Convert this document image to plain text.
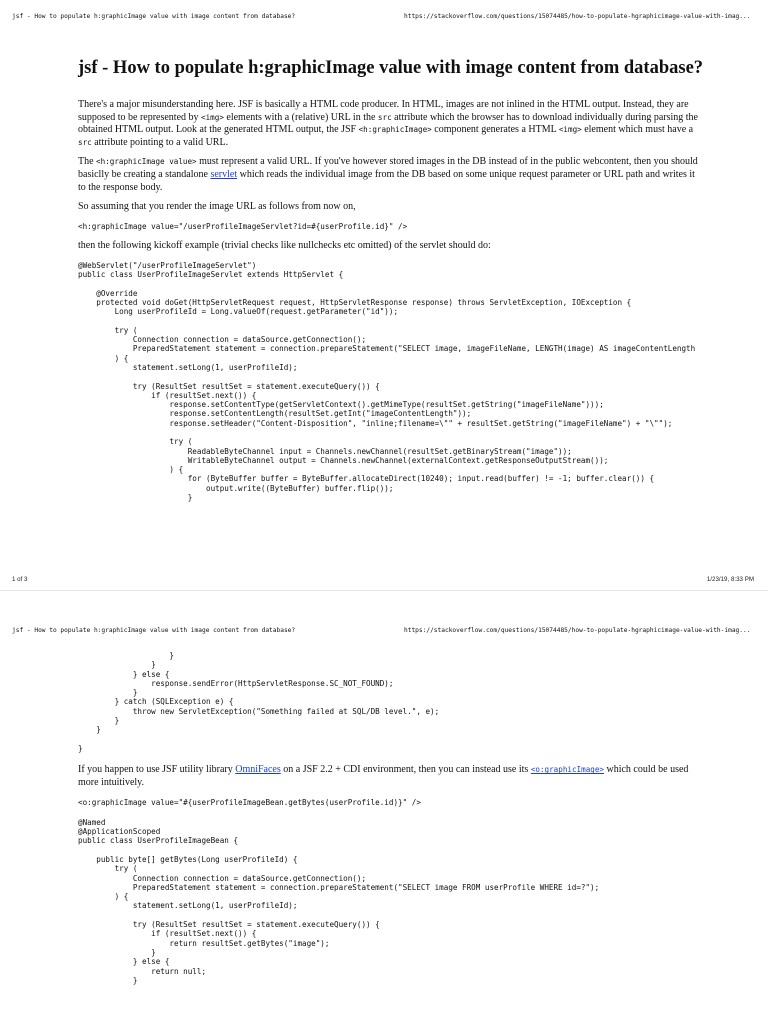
jsf - How to populate h:graphicImage value with image content from database?	https://stackoverflow.com/questions/15074485/how-to-populate-hgraphicimage-value-with-imag...
jsf - How to populate h:graphicImage value with image content from database?

There's a major misunderstanding here. JSF is basically a HTML code producer. In HTML, images are not inlined in the HTML output. Instead, they are supposed to be represented by <img> elements with a (relative) URL in the src attribute which the browser has to download individually during parsing the obtained HTML output. Look at the generated HTML output, the JSF <h:graphicImage> component generates a HTML <img> element which must have a src attribute pointing to a valid URL.

The <h:graphicImage value> must represent a valid URL. If you've however stored images in the DB instead of in the public webcontent, then you should basiclly be creating a standalone servlet which reads the individual image from the DB based on some unique request parameter or URL path and writes it to the response body.

So assuming that you render the image URL as follows from now on,

<h:graphicImage value="/userProfileImageServlet?id=#{userProfile.id}" />

then the following kickoff example (trivial checks like nullchecks etc omitted) of the servlet should do:

@WebServlet("/userProfileImageServlet")
public class UserProfileImageServlet extends HttpServlet {

@Override
protected void doGet(HttpServletRequest request, HttpServletResponse response) throws ServletException, IOException {
Long userProfileId = Long.valueOf(request.getParameter("id"));

try (
Connection connection = dataSource.getConnection();
PreparedStatement statement = connection.prepareStatement("SELECT image, imageFileName, LENGTH(image) AS imageContentLength
) {
statement.setLong(1, userProfileId);

try (ResultSet resultSet = statement.executeQuery()) {
if (resultSet.next()) {
response.setContentType(getServletContext().getMimeType(resultSet.getString("imageFileName")));
response.setContentLength(resultSet.getInt("imageContentLength"));
response.setHeader("Content-Disposition", "inline;filename=\"" + resultSet.getString("imageFileName") + "\"");

try (
ReadableByteChannel input = Channels.newChannel(resultSet.getBinaryStream("image"));
WritableByteChannel output = Channels.newChannel(externalContext.getResponseOutputStream());
) {
for (ByteBuffer buffer = ByteBuffer.allocateDirect(10240); input.read(buffer) != -1; buffer.clear()) {
output.write((ByteBuffer) buffer.flip());
}
1 of 3	1/23/19, 8:33 PM
jsf - How to populate h:graphicImage value with image content from database?	https://stackoverflow.com/questions/15074485/how-to-populate-hgraphicimage-value-with-imag...
}
}
} else {
response.sendError(HttpServletResponse.SC_NOT_FOUND);
}
} catch (SQLException e) {
throw new ServletException("Something failed at SQL/DB level.", e);
}
}

}

If you happen to use JSF utility library OmniFaces on a JSF 2.2 + CDI environment, then you can instead use its <o:graphicImage> which could be used more intuitively.

<o:graphicImage value="#{userProfileImageBean.getBytes(userProfile.id)}" />
@Named
@ApplicationScoped
public class UserProfileImageBean {

public byte[] getBytes(Long userProfileId) {
try (
Connection connection = dataSource.getConnection();
PreparedStatement statement = connection.prepareStatement("SELECT image FROM userProfile WHERE id=?");
) {
statement.setLong(1, userProfileId);

try (ResultSet resultSet = statement.executeQuery()) {
if (resultSet.next()) {
return resultSet.getBytes("image");
}
} else {
return null;
}
